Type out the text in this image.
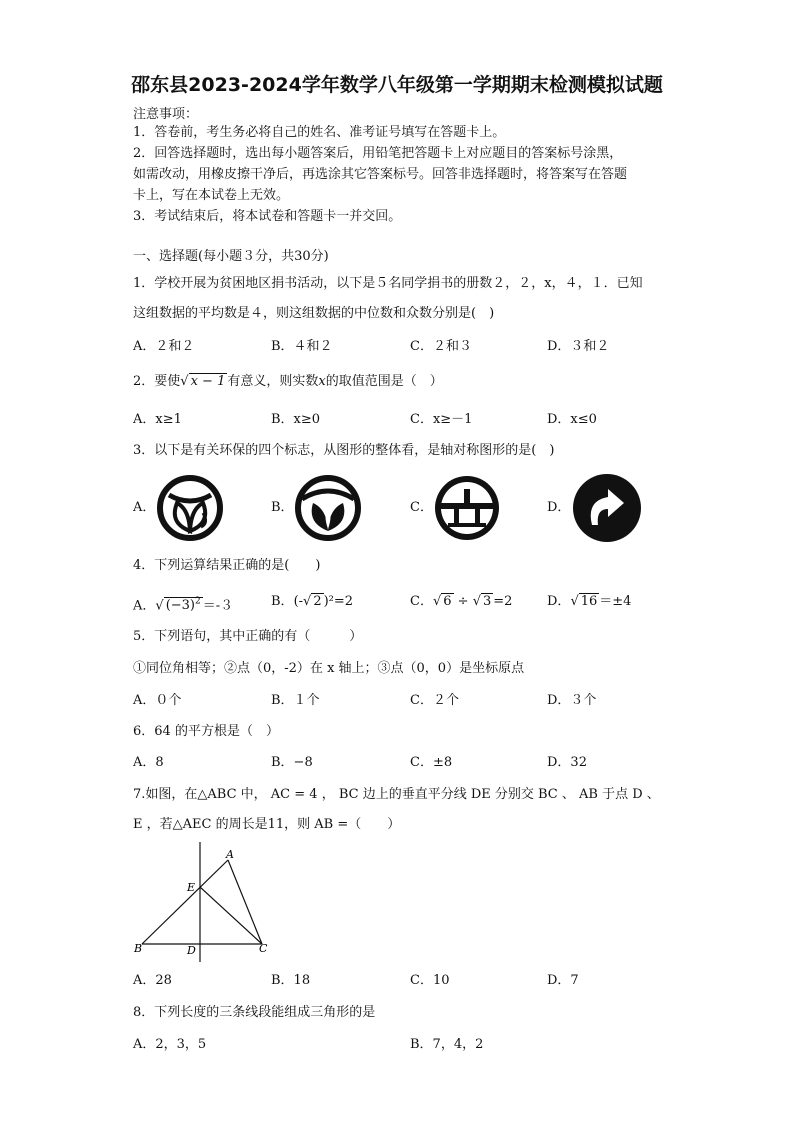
邵东县2023-2024学年数学八年级第一学期期末检测模拟试题
注意事项：
1．答卷前，考生务必将自己的姓名、准考证号填写在答题卡上。
2．回答选择题时，选出每小题答案后，用铅笔把答题卡上对应题目的答案标号涂黑，
如需改动，用橡皮擦干净后，再选涂其它答案标号。回答非选择题时，将答案写在答题
卡上，写在本试卷上无效。
3．考试结束后，将本试卷和答题卡一并交回。
一、选择题(每小题３分，共30分)
1．学校开展为贫困地区捐书活动，以下是５名同学捐书的册数２，２，x，４，１．已知
这组数据的平均数是４，则这组数据的中位数和众数分别是(　)
A．２和２	B．４和２	C．２和３	D．３和２
2．要使√ x − 1 有意义，则实数x的取值范围是（　）
A．x≥1	B．x≥0	C．x≥－1	D．x≤0
3．以下是有关环保的四个标志，从图形的整体看，是轴对称图形的是(　)
A．	B．	C．	D．
4．下列运算结果正确的是(　　)
A．√ $(-3)^2 =-3$	B．(-√ 2 )²=2	C．√ 6 ÷ √ 3 =2	D．√ 16 ＝±4
5．下列语句，其中正确的有（　　　）
①同位角相等；②点（0，-2）在 x 轴上；③点（0，0）是坐标原点
A．０个	B．１个	C．２个	D．３个
6．64 的平方根是（　）
A．8	B．−8	C．±8	D．32
7.如图，在△ABC 中， AC = 4 ， BC 边上的垂直平分线 DE 分别交 BC 、 AB 于点 D 、
E ，若△AEC 的周长是11，则 AB =（　　）
A
B	C
D
E
A．28	B．18	C．10	D．7
8．下列长度的三条线段能组成三角形的是
A．2，3，5	B．7，4，2
